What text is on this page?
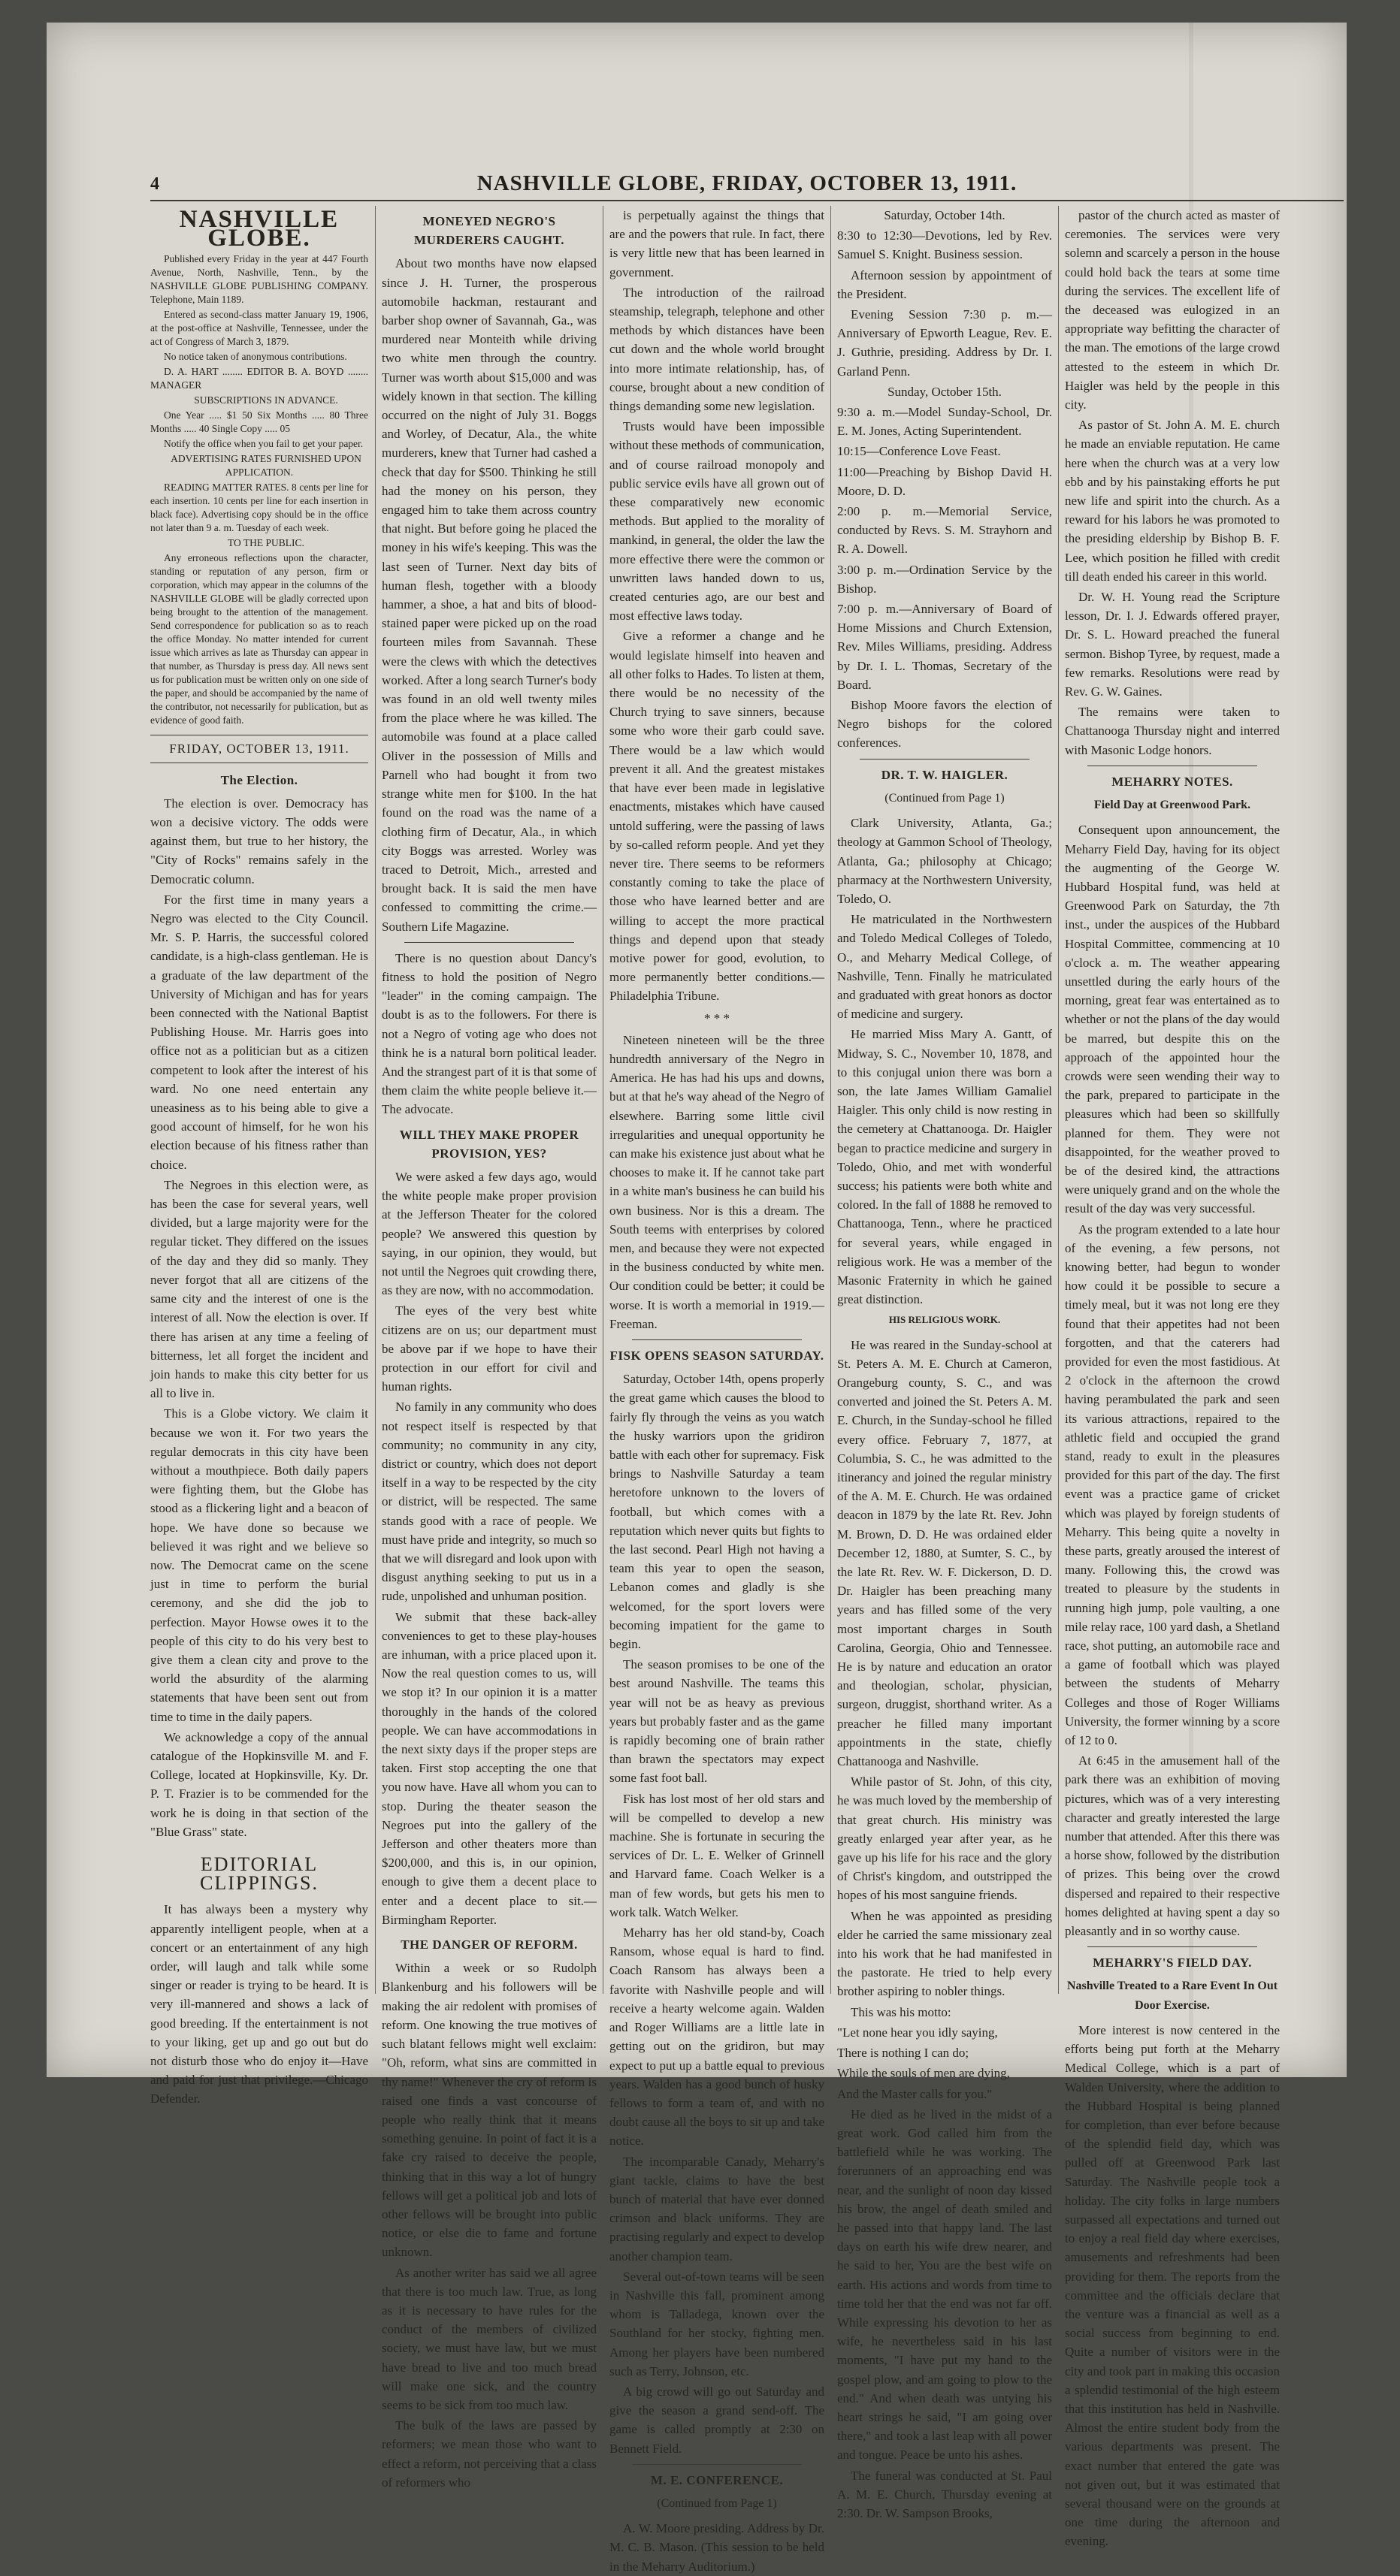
4	NASHVILLE GLOBE, FRIDAY, OCTOBER 13, 1911.
NASHVILLE GLOBE.

Published every Friday in the year at 447 Fourth Avenue, North, Nashville, Tenn., by the NASHVILLE GLOBE PUBLISHING COMPANY. Telephone, Main 1189.

Entered as second-class matter January 19, 1906, at the post-office at Nashville, Tennessee, under the act of Congress of March 3, 1879.

No notice taken of anonymous contributions.

D. A. HART ........ EDITOR B. A. BOYD ........ MANAGER

SUBSCRIPTIONS IN ADVANCE.

One Year ..... $1 50 Six Months ..... 80 Three Months ..... 40 Single Copy ..... 05

Notify the office when you fail to get your paper.

ADVERTISING RATES FURNISHED UPON APPLICATION.

READING MATTER RATES. 8 cents per line for each insertion. 10 cents per line for each insertion in black face). Advertising copy should be in the office not later than 9 a. m. Tuesday of each week.

TO THE PUBLIC.

Any erroneous reflections upon the character, standing or reputation of any person, firm or corporation, which may appear in the columns of the NASHVILLE GLOBE will be gladly corrected upon being brought to the attention of the management. Send correspondence for publication so as to reach the office Monday. No matter intended for current issue which arrives as late as Thursday can appear in that number, as Thursday is press day. All news sent us for publication must be written only on one side of the paper, and should be accompanied by the name of the contributor, not necessarily for publication, but as evidence of good faith.

FRIDAY, OCTOBER 13, 1911.
The Election.

The election is over. Democracy has won a decisive victory. The odds were against them, but true to her history, the "City of Rocks" remains safely in the Democratic column.

For the first time in many years a Negro was elected to the City Council. Mr. S. P. Harris, the successful colored candidate, is a high-class gentleman. He is a graduate of the law department of the University of Michigan and has for years been connected with the National Baptist Publishing House. Mr. Harris goes into office not as a politician but as a citizen competent to look after the interest of his ward. No one need entertain any uneasiness as to his being able to give a good account of himself, for he won his election because of his fitness rather than choice.

The Negroes in this election were, as has been the case for several years, well divided, but a large majority were for the regular ticket. They differed on the issues of the day and they did so manly. They never forgot that all are citizens of the same city and the interest of one is the interest of all. Now the election is over. If there has arisen at any time a feeling of bitterness, let all forget the incident and join hands to make this city better for us all to live in.

This is a Globe victory. We claim it because we won it. For two years the regular democrats in this city have been without a mouthpiece. Both daily papers were fighting them, but the Globe has stood as a flickering light and a beacon of hope. We have done so because we believed it was right and we believe so now. The Democrat came on the scene just in time to perform the burial ceremony, and she did the job to perfection. Mayor Howse owes it to the people of this city to do his very best to give them a clean city and prove to the world the absurdity of the alarming statements that have been sent out from time to time in the daily papers.

We acknowledge a copy of the annual catalogue of the Hopkinsville M. and F. College, located at Hopkinsville, Ky. Dr. P. T. Frazier is to be commended for the work he is doing in that section of the "Blue Grass" state.

EDITORIAL CLIPPINGS.

It has always been a mystery why apparently intelligent people, when at a concert or an entertainment of any high order, will laugh and talk while some singer or reader is trying to be heard. It is very ill-mannered and shows a lack of good breeding. If the entertainment is not to your liking, get up and go out but do not disturb those who do enjoy it—Have and paid for just that privilege.—Chicago Defender.

MONEYED NEGRO'S MURDERERS CAUGHT.

About two months have now elapsed since J. H. Turner, the prosperous automobile hackman, restaurant and barber shop owner of Savannah, Ga., was murdered near Monteith while driving two white men through the country. Turner was worth about $15,000 and was widely known in that section. The killing occurred on the night of July 31. Boggs and Worley, of Decatur, Ala., the white murderers, knew that Turner had cashed a check that day for $500. Thinking he still had the money on his person, they engaged him to take them across country that night. But before going he placed the money in his wife's keeping. This was the last seen of Turner. Next day bits of human flesh, together with a bloody hammer, a shoe, a hat and bits of blood-stained paper were picked up on the road fourteen miles from Savannah. These were the clews with which the detectives worked. After a long search Turner's body was found in an old well twenty miles from the place where he was killed. The automobile was found at a place called Oliver in the possession of Mills and Parnell who had bought it from two strange white men for $100. In the hat found on the road was the name of a clothing firm of Decatur, Ala., in which city Boggs was arrested. Worley was traced to Detroit, Mich., arrested and brought back. It is said the men have confessed to committing the crime.—Southern Life Magazine.

There is no question about Dancy's fitness to hold the position of Negro "leader" in the coming campaign. The doubt is as to the followers. For there is not a Negro of voting age who does not think he is a natural born political leader. And the strangest part of it is that some of them claim the white people believe it.—The advocate.

WILL THEY MAKE PROPER PROVISION, YES?

We were asked a few days ago, would the white people make proper provision at the Jefferson Theater for the colored people? We answered this question by saying, in our opinion, they would, but not until the Negroes quit crowding there, as they are now, with no accommodation.

The eyes of the very best white citizens are on us; our department must be above par if we hope to have their protection in our effort for civil and human rights.

No family in any community who does not respect itself is respected by that community; no community in any city, district or country, which does not deport itself in a way to be respected by the city or district, will be respected. The same stands good with a race of people. We must have pride and integrity, so much so that we will disregard and look upon with disgust anything seeking to put us in a rude, unpolished and unhuman position.

We submit that these back-alley conveniences to get to these play-houses are inhuman, with a price placed upon it. Now the real question comes to us, will we stop it? In our opinion it is a matter thoroughly in the hands of the colored people. We can have accommodations in the next sixty days if the proper steps are taken. First stop accepting the one that you now have. Have all whom you can to stop. During the theater season the Negroes put into the gallery of the Jefferson and other theaters more than $200,000, and this is, in our opinion, enough to give them a decent place to enter and a decent place to sit.—Birmingham Reporter.

THE DANGER OF REFORM.

Within a week or so Rudolph Blankenburg and his followers will be making the air redolent with promises of reform. One knowing the true motives of such blatant fellows might well exclaim: "Oh, reform, what sins are committed in thy name!" Whenever the cry of reform is raised one finds a vast concourse of people who really think that it means something genuine. In point of fact it is a fake cry raised to deceive the people, thinking that in this way a lot of hungry fellows will get a political job and lots of other fellows will be brought into public notice, or else die to fame and fortune unknown.

As another writer has said we all agree that there is too much law. True, as long as it is necessary to have rules for the conduct of the members of civilized society, we must have law, but we must have bread to live and too much bread will make one sick, and the country seems to be sick from too much law.

The bulk of the laws are passed by reformers; we mean those who want to effect a reform, not perceiving that a class of reformers who

is perpetually against the things that are and the powers that rule. In fact, there is very little new that has been learned in government.

The introduction of the railroad steamship, telegraph, telephone and other methods by which distances have been cut down and the whole world brought into more intimate relationship, has, of course, brought about a new condition of things demanding some new legislation.

Trusts would have been impossible without these methods of communication, and of course railroad monopoly and public service evils have all grown out of these comparatively new economic methods. But applied to the morality of mankind, in general, the older the law the more effective there were the common or unwritten laws handed down to us, created centuries ago, are our best and most effective laws today.

Give a reformer a change and he would legislate himself into heaven and all other folks to Hades. To listen at them, there would be no necessity of the Church trying to save sinners, because some who wore their garb could save. There would be a law which would prevent it all. And the greatest mistakes that have ever been made in legislative enactments, mistakes which have caused untold suffering, were the passing of laws by so-called reform people. And yet they never tire. There seems to be reformers constantly coming to take the place of those who have learned better and are willing to accept the more practical things and depend upon that steady motive power for good, evolution, to more permanently better conditions.—Philadelphia Tribune.

* * *

Nineteen nineteen will be the three hundredth anniversary of the Negro in America. He has had his ups and downs, but at that he's way ahead of the Negro of elsewhere. Barring some little civil irregularities and unequal opportunity he can make his existence just about what he chooses to make it. If he cannot take part in a white man's business he can build his own business. Nor is this a dream. The South teems with enterprises by colored men, and because they were not expected in the business conducted by white men. Our condition could be better; it could be worse. It is worth a memorial in 1919.—Freeman.

FISK OPENS SEASON SATURDAY.

Saturday, October 14th, opens properly the great game which causes the blood to fairly fly through the veins as you watch the husky warriors upon the gridiron battle with each other for supremacy. Fisk brings to Nashville Saturday a team heretofore unknown to the lovers of football, but which comes with a reputation which never quits but fights to the last second. Pearl High not having a team this year to open the season, Lebanon comes and gladly is she welcomed, for the sport lovers were becoming impatient for the game to begin.

The season promises to be one of the best around Nashville. The teams this year will not be as heavy as previous years but probably faster and as the game is rapidly becoming one of brain rather than brawn the spectators may expect some fast foot ball.

Fisk has lost most of her old stars and will be compelled to develop a new machine. She is fortunate in securing the services of Dr. L. E. Welker of Grinnell and Harvard fame. Coach Welker is a man of few words, but gets his men to work talk. Watch Welker.

Meharry has her old stand-by, Coach Ransom, whose equal is hard to find. Coach Ransom has always been a favorite with Nashville people and will receive a hearty welcome again. Walden and Roger Williams are a little late in getting out on the gridiron, but may expect to put up a battle equal to previous years. Walden has a good bunch of husky fellows to form a team of, and with no doubt cause all the boys to sit up and take notice.

The incomparable Canady, Meharry's giant tackle, claims to have the best bunch of material that have ever donned crimson and black uniforms. They are practising regularly and expect to develop another champion team.

Several out-of-town teams will be seen in Nashville this fall, prominent among whom is Talladega, known over the Southland for her stocky, fighting men. Among her players have been numbered such as Terry, Johnson, etc.

A big crowd will go out Saturday and give the season a grand send-off. The game is called promptly at 2:30 on Bennett Field.

M. E. CONFERENCE.
(Continued from Page 1)

A. W. Moore presiding. Address by Dr. M. C. B. Mason. (This session to be held in the Meharry Auditorium.)

Saturday, October 14th.

8:30 to 12:30—Devotions, led by Rev. Samuel S. Knight. Business session.

Afternoon session by appointment of the President.

Evening Session 7:30 p. m.—Anniversary of Epworth League, Rev. E. J. Guthrie, presiding. Address by Dr. I. Garland Penn.

Sunday, October 15th.

9:30 a. m.—Model Sunday-School, Dr. E. M. Jones, Acting Superintendent.

10:15—Conference Love Feast.

11:00—Preaching by Bishop David H. Moore, D. D.

2:00 p. m.—Memorial Service, conducted by Revs. S. M. Strayhorn and R. A. Dowell.

3:00 p. m.—Ordination Service by the Bishop.

7:00 p. m.—Anniversary of Board of Home Missions and Church Extension, Rev. Miles Williams, presiding. Address by Dr. I. L. Thomas, Secretary of the Board.

Bishop Moore favors the election of Negro bishops for the colored conferences.

DR. T. W. HAIGLER.
(Continued from Page 1)

Clark University, Atlanta, Ga.; theology at Gammon School of Theology, Atlanta, Ga.; philosophy at Chicago; pharmacy at the Northwestern University, Toledo, O.

He matriculated in the Northwestern and Toledo Medical Colleges of Toledo, O., and Meharry Medical College, of Nashville, Tenn. Finally he matriculated and graduated with great honors as doctor of medicine and surgery.

He married Miss Mary A. Gantt, of Midway, S. C., November 10, 1878, and to this conjugal union there was born a son, the late James William Gamaliel Haigler. This only child is now resting in the cemetery at Chattanooga. Dr. Haigler began to practice medicine and surgery in Toledo, Ohio, and met with wonderful success; his patients were both white and colored. In the fall of 1888 he removed to Chattanooga, Tenn., where he practiced for several years, while engaged in religious work. He was a member of the Masonic Fraternity in which he gained great distinction.

HIS RELIGIOUS WORK.

He was reared in the Sunday-school at St. Peters A. M. E. Church at Cameron, Orangeburg county, S. C., and was converted and joined the St. Peters A. M. E. Church, in the Sunday-school he filled every office. February 7, 1877, at Columbia, S. C., he was admitted to the itinerancy and joined the regular ministry of the A. M. E. Church. He was ordained deacon in 1879 by the late Rt. Rev. John M. Brown, D. D. He was ordained elder December 12, 1880, at Sumter, S. C., by the late Rt. Rev. W. F. Dickerson, D. D. Dr. Haigler has been preaching many years and has filled some of the very most important charges in South Carolina, Georgia, Ohio and Tennessee. He is by nature and education an orator and theologian, scholar, physician, surgeon, druggist, shorthand writer. As a preacher he filled many important appointments in the state, chiefly Chattanooga and Nashville.

While pastor of St. John, of this city, he was much loved by the membership of that great church. His ministry was greatly enlarged year after year, as he gave up his life for his race and the glory of Christ's kingdom, and outstripped the hopes of his most sanguine friends.

When he was appointed as presiding elder he carried the same missionary zeal into his work that he had manifested in the pastorate. He tried to help every brother aspiring to nobler things.

This was his motto:

"Let none hear you idly saying,

There is nothing I can do;

While the souls of men are dying,

And the Master calls for you."

He died as he lived in the midst of a great work. God called him from the battlefield while he was working. The forerunners of an approaching end was near, and the sunlight of noon day kissed his brow, the angel of death smiled and he passed into that happy land. The last days on earth his wife drew nearer, and he said to her, You are the best wife on earth. His actions and words from time to time told her that the end was not far off. While expressing his devotion to her as wife, he nevertheless said in his last moments, "I have put my hand to the gospel plow, and am going to plow to the end." And when death was untying his heart strings he said, "I am going over there," and took a last leap with all power and tongue. Peace be unto his ashes.

The funeral was conducted at St. Paul A. M. E. Church, Thursday evening at 2:30. Dr. W. Sampson Brooks,

pastor of the church acted as master of ceremonies. The services were very solemn and scarcely a person in the house could hold back the tears at some time during the services. The excellent life of the deceased was eulogized in an appropriate way befitting the character of the man. The emotions of the large crowd attested to the esteem in which Dr. Haigler was held by the people in this city.

As pastor of St. John A. M. E. church he made an enviable reputation. He came here when the church was at a very low ebb and by his painstaking efforts he put new life and spirit into the church. As a reward for his labors he was promoted to the presiding eldership by Bishop B. F. Lee, which position he filled with credit till death ended his career in this world.

Dr. W. H. Young read the Scripture lesson, Dr. I. J. Edwards offered prayer, Dr. S. L. Howard preached the funeral sermon. Bishop Tyree, by request, made a few remarks. Resolutions were read by Rev. G. W. Gaines.

The remains were taken to Chattanooga Thursday night and interred with Masonic Lodge honors.

MEHARRY NOTES.
Field Day at Greenwood Park.

Consequent upon announcement, the Meharry Field Day, having for its object the augmenting of the George W. Hubbard Hospital fund, was held at Greenwood Park on Saturday, the 7th inst., under the auspices of the Hubbard Hospital Committee, commencing at 10 o'clock a. m. The weather appearing unsettled during the early hours of the morning, great fear was entertained as to whether or not the plans of the day would be marred, but despite this on the approach of the appointed hour the crowds were seen wending their way to the park, prepared to participate in the pleasures which had been so skillfully planned for them. They were not disappointed, for the weather proved to be of the desired kind, the attractions were uniquely grand and on the whole the result of the day was very successful.

As the program extended to a late hour of the evening, a few persons, not knowing better, had begun to wonder how could it be possible to secure a timely meal, but it was not long ere they found that their appetites had not been forgotten, and that the caterers had provided for even the most fastidious. At 2 o'clock in the afternoon the crowd having perambulated the park and seen its various attractions, repaired to the athletic field and occupied the grand stand, ready to exult in the pleasures provided for this part of the day. The first event was a practice game of cricket which was played by foreign students of Meharry. This being quite a novelty in these parts, greatly aroused the interest of many. Following this, the crowd was treated to pleasure by the students in running high jump, pole vaulting, a one mile relay race, 100 yard dash, a Shetland race, shot putting, an automobile race and a game of football which was played between the students of Meharry Colleges and those of Roger Williams University, the former winning by a score of 12 to 0.

At 6:45 in the amusement hall of the park there was an exhibition of moving pictures, which was of a very interesting character and greatly interested the large number that attended. After this there was a horse show, followed by the distribution of prizes. This being over the crowd dispersed and repaired to their respective homes delighted at having spent a day so pleasantly and in so worthy cause.

MEHARRY'S FIELD DAY.
Nashville Treated to a Rare Event In Out Door Exercise.

More interest is now centered in the efforts being put forth at the Meharry Medical College, which is a part of Walden University, where the addition to the Hubbard Hospital is being planned for completion, than ever before because of the splendid field day, which was pulled off at Greenwood Park last Saturday. The Nashville people took a holiday. The city folks in large numbers surpassed all expectations and turned out to enjoy a real field day where exercises, amusements and refreshments had been providing for them. The reports from the committee and the officials declare that the venture was a financial as well as a social success from beginning to end. Quite a number of visitors were in the city and took part in making this occasion a splendid testimonial of the high esteem that this institution has held in Nashville. Almost the entire student body from the various departments was present. The exact number that entered the gate was not given out, but it was estimated that several thousand were on the grounds at one time during the afternoon and evening.
